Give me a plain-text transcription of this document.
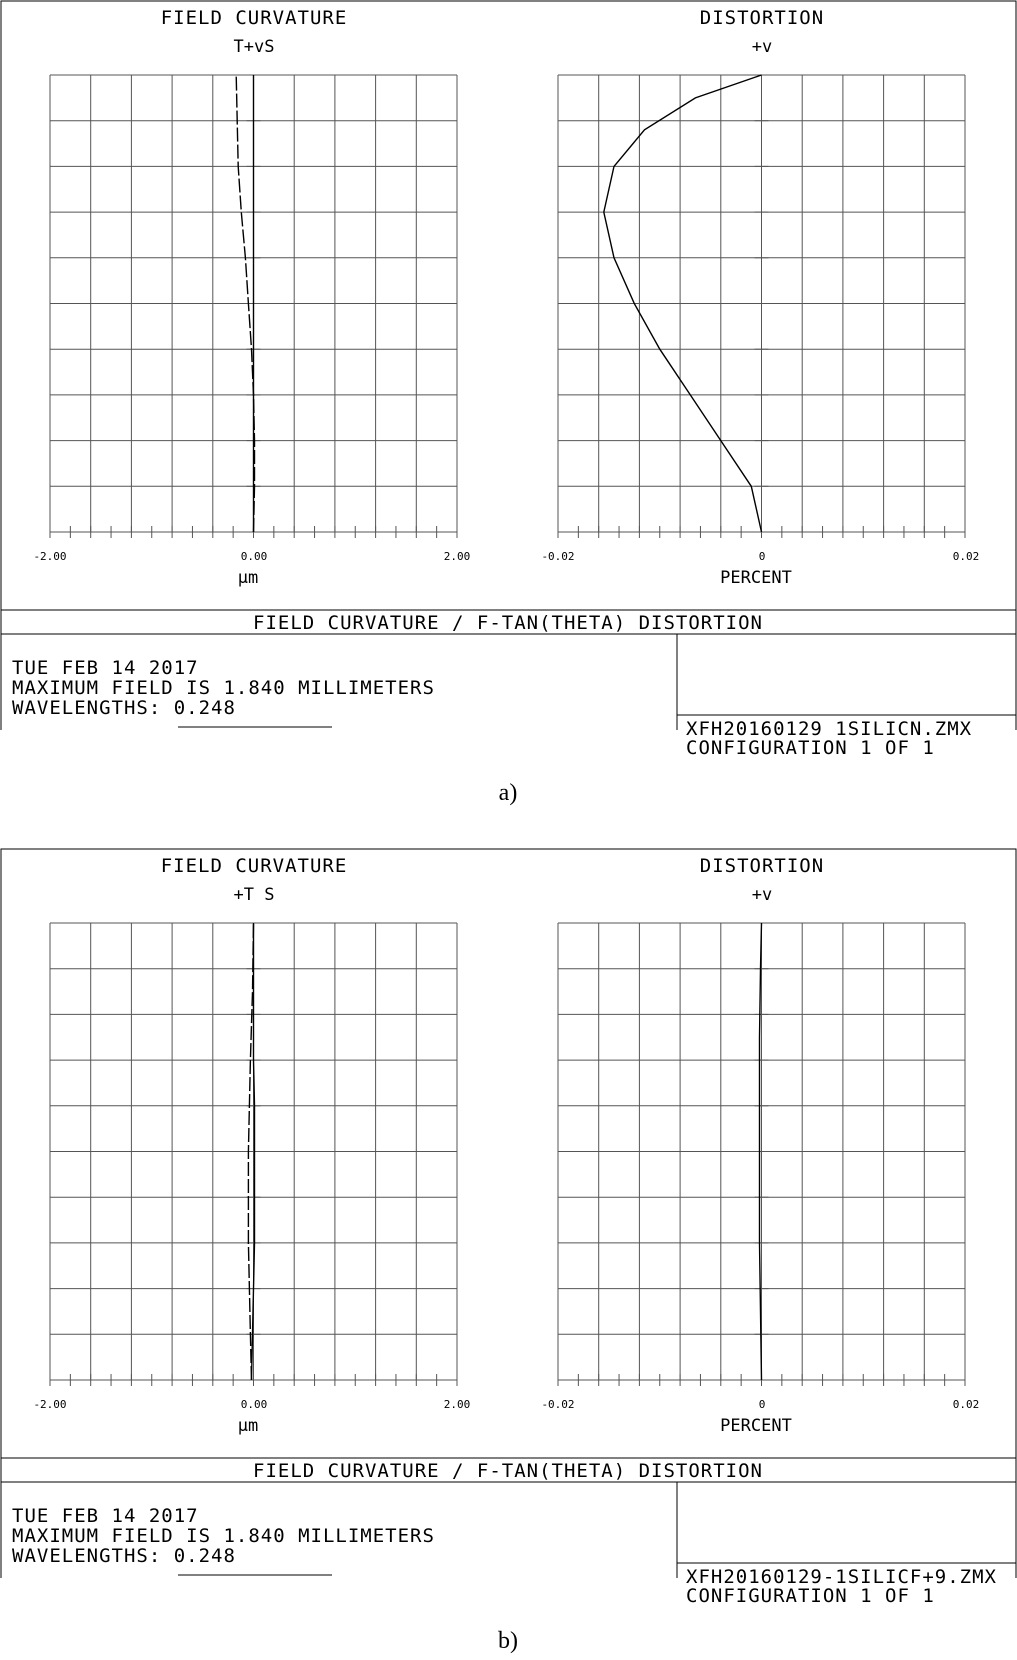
FIELD CURVATURE
T+vS
DISTORTION
+v
-2.00	0.00	2.00
µm
-0.02	0	0.02
PERCENT
FIELD CURVATURE / F-TAN(THETA) DISTORTION
TUE FEB 14 2017
MAXIMUM FIELD IS 1.840 MILLIMETERS
WAVELENGTHS: 0.248
XFH20160129 1SILICN.ZMX
CONFIGURATION 1 OF 1
a)
FIELD CURVATURE
+T S
DISTORTION
+v
-2.00	0.00	2.00
µm
-0.02	0	0.02
PERCENT
FIELD CURVATURE / F-TAN(THETA) DISTORTION
TUE FEB 14 2017
MAXIMUM FIELD IS 1.840 MILLIMETERS
WAVELENGTHS: 0.248
XFH20160129-1SILICF+9.ZMX
CONFIGURATION 1 OF 1
b)
